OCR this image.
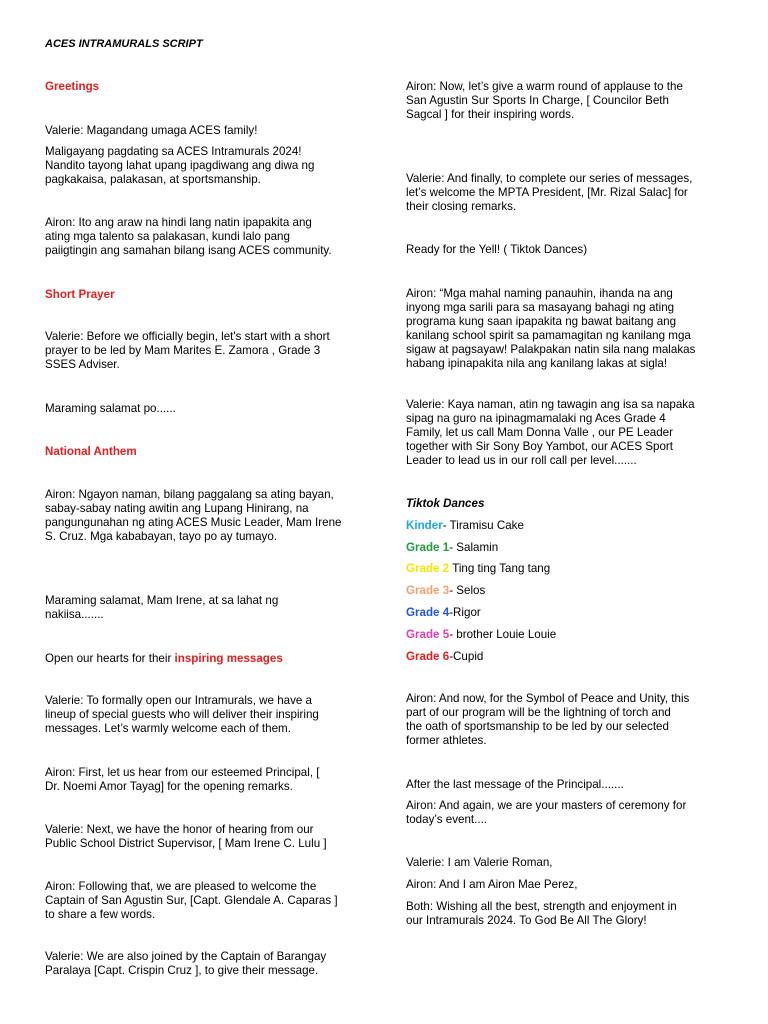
ACES INTRAMURALS SCRIPT

Greetings

Valerie: Magandang umaga ACES family!

Maligayang pagdating sa ACES Intramurals 2024!
Nandito tayong lahat upang ipagdiwang ang diwa ng
pagkakaisa, palakasan, at sportsmanship.

Airon: Ito ang araw na hindi lang natin ipapakita ang
ating mga talento sa palakasan, kundi lalo pang
paiigtingin ang samahan bilang isang ACES community.

Short Prayer

Valerie: Before we officially begin, let's start with a short
prayer to be led by Mam Marites E. Zamora , Grade 3
SSES Adviser.

Maraming salamat po......

National Anthem

Airon: Ngayon naman, bilang paggalang sa ating bayan,
sabay-sabay nating awitin ang Lupang Hinirang, na
pangungunahan ng ating ACES Music Leader, Mam Irene
S. Cruz. Mga kababayan, tayo po ay tumayo.

Maraming salamat, Mam Irene, at sa lahat ng
nakiisa.......

Open our hearts for their inspiring messages

Valerie: To formally open our Intramurals, we have a
lineup of special guests who will deliver their inspiring
messages. Let’s warmly welcome each of them.

Airon: First, let us hear from our esteemed Principal, [
Dr. Noemi Amor Tayag] for the opening remarks.

Valerie: Next, we have the honor of hearing from our
Public School District Supervisor, [ Mam Irene C. Lulu ]

Airon: Following that, we are pleased to welcome the
Captain of San Agustin Sur, [Capt. Glendale A. Caparas ]
to share a few words.

Valerie: We are also joined by the Captain of Barangay
Paralaya [Capt. Crispin Cruz ], to give their message.

Airon: Now, let’s give a warm round of applause to the
San Agustin Sur Sports In Charge, [ Councilor Beth
Sagcal ] for their inspiring words.

Valerie: And finally, to complete our series of messages,
let’s welcome the MPTA President, [Mr. Rizal Salac] for
their closing remarks.

Ready for the Yell! ( Tiktok Dances)

Airon: “Mga mahal naming panauhin, ihanda na ang
inyong mga sarili para sa masayang bahagi ng ating
programa kung saan ipapakita ng bawat baitang ang
kanilang school spirit sa pamamagitan ng kanilang mga
sigaw at pagsayaw! Palakpakan natin sila nang malakas
habang ipinapakita nila ang kanilang lakas at sigla!

Valerie: Kaya naman, atin ng tawagin ang isa sa napaka
sipag na guro na ipinagmamalaki ng Aces Grade 4
Family, let us call Mam Donna Valle , our PE Leader
together with Sir Sony Boy Yambot, our ACES Sport
Leader to lead us in our roll call per level.......

Tiktok Dances

Kinder- Tiramisu Cake
Grade 1- Salamin
Grade 2 Ting ting Tang tang
Grade 3- Selos
Grade 4-Rigor
Grade 5- brother Louie Louie
Grade 6-Cupid

Airon: And now, for the Symbol of Peace and Unity, this
part of our program will be the lightning of torch and
the oath of sportsmanship to be led by our selected
former athletes.

After the last message of the Principal.......

Airon: And again, we are your masters of ceremony for
today’s event....

Valerie: I am Valerie Roman,

Airon: And I am Airon Mae Perez,

Both: Wishing all the best, strength and enjoyment in
our Intramurals 2024. To God Be All The Glory!
